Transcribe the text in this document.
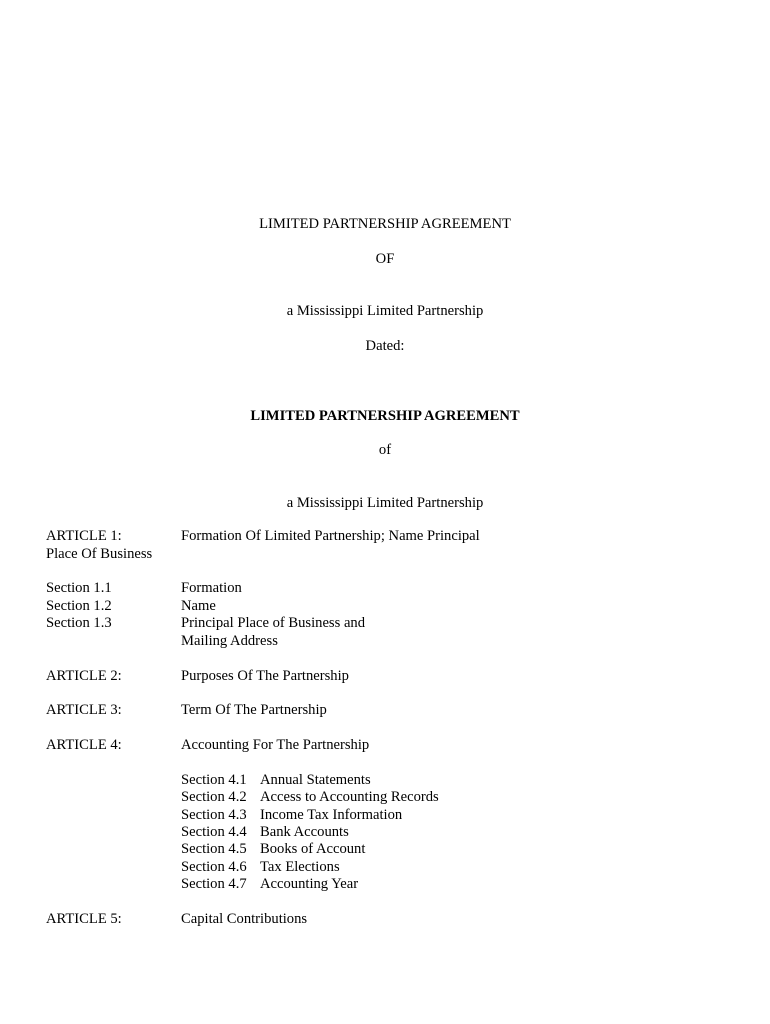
LIMITED PARTNERSHIP AGREEMENT
OF
a Mississippi Limited Partnership
Dated:
LIMITED PARTNERSHIP AGREEMENT
of
a Mississippi Limited Partnership
ARTICLE 1:	Formation Of Limited Partnership; Name Principal
Place Of Business
Section 1.1	Formation
Section 1.2	Name
Section 1.3	Principal Place of Business and
Mailing Address
ARTICLE 2:	Purposes Of The Partnership
ARTICLE 3:	Term Of The Partnership
ARTICLE 4:	Accounting For The Partnership
Section 4.1 Annual Statements
Section 4.2 Access to Accounting Records
Section 4.3 Income Tax Information
Section 4.4 Bank Accounts
Section 4.5 Books of Account
Section 4.6 Tax Elections
Section 4.7 Accounting Year
ARTICLE 5:	Capital Contributions
